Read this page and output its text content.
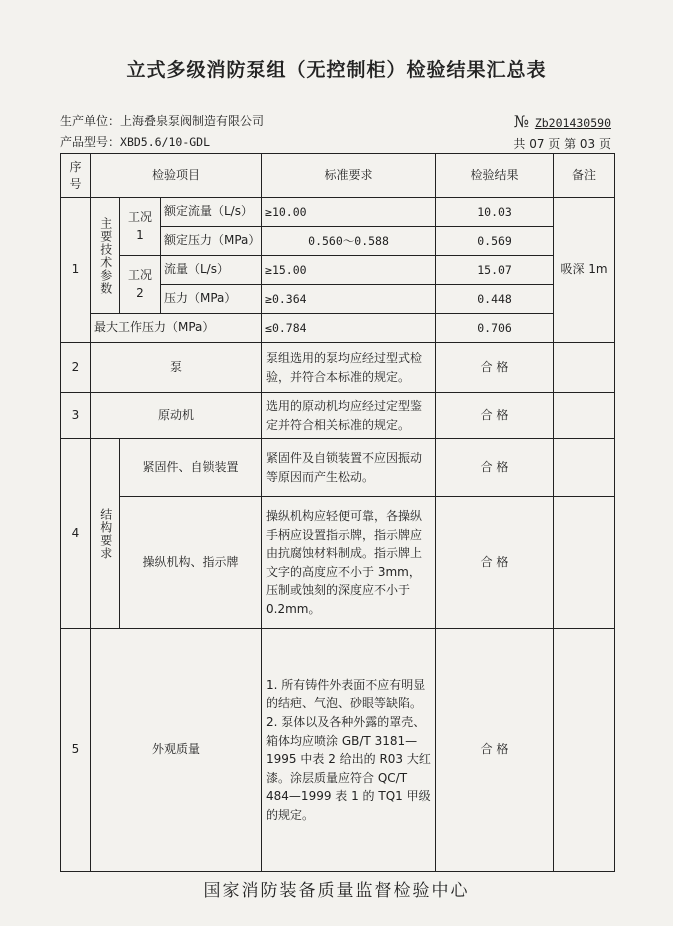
立式多级消防泵组（无控制柜）检验结果汇总表
生产单位：上海叠泉泵阀制造有限公司
产品型号：XBD5.6/10-GDL
№ Zb201430590
共 07 页 第 03 页
序号	检验项目			标准要求	检验结果	备注
1	主要技术参数	工况 1	额定流量（L/s）	≥10.00	10.03	吸深 1m
			额定压力（MPa）	0.560～0.588	0.569	
		工况 2	流量（L/s）	≥15.00	15.07	
			压力（MPa）	≥0.364	0.448	
	最大工作压力（MPa）			≤0.784	0.706	
2	泵			泵组选用的泵均应经过型式检验，并符合本标准的规定。	合 格	
3	原动机			选用的原动机均应经过定型鉴定并符合相关标准的规定。	合 格	
4	结构要求	紧固件、自锁装置		紧固件及自锁装置不应因振动等原因而产生松动。	合 格	
		操纵机构、指示牌		操纵机构应轻便可靠，各操纵手柄应设置指示牌，指示牌应由抗腐蚀材料制成。指示牌上文字的高度应不小于 3mm，压制或蚀刻的深度应不小于 0.2mm。	合 格	
5	外观质量			1. 所有铸件外表面不应有明显的结疤、气泡、砂眼等缺陷。
2. 泵体以及各种外露的罩壳、箱体均应喷涂 GB/T 3181—1995 中表 2 给出的 R03 大红漆。涂层质量应符合 QC/T 484—1999 表 1 的 TQ1 甲级的规定。	合 格	
国家消防装备质量监督检验中心
